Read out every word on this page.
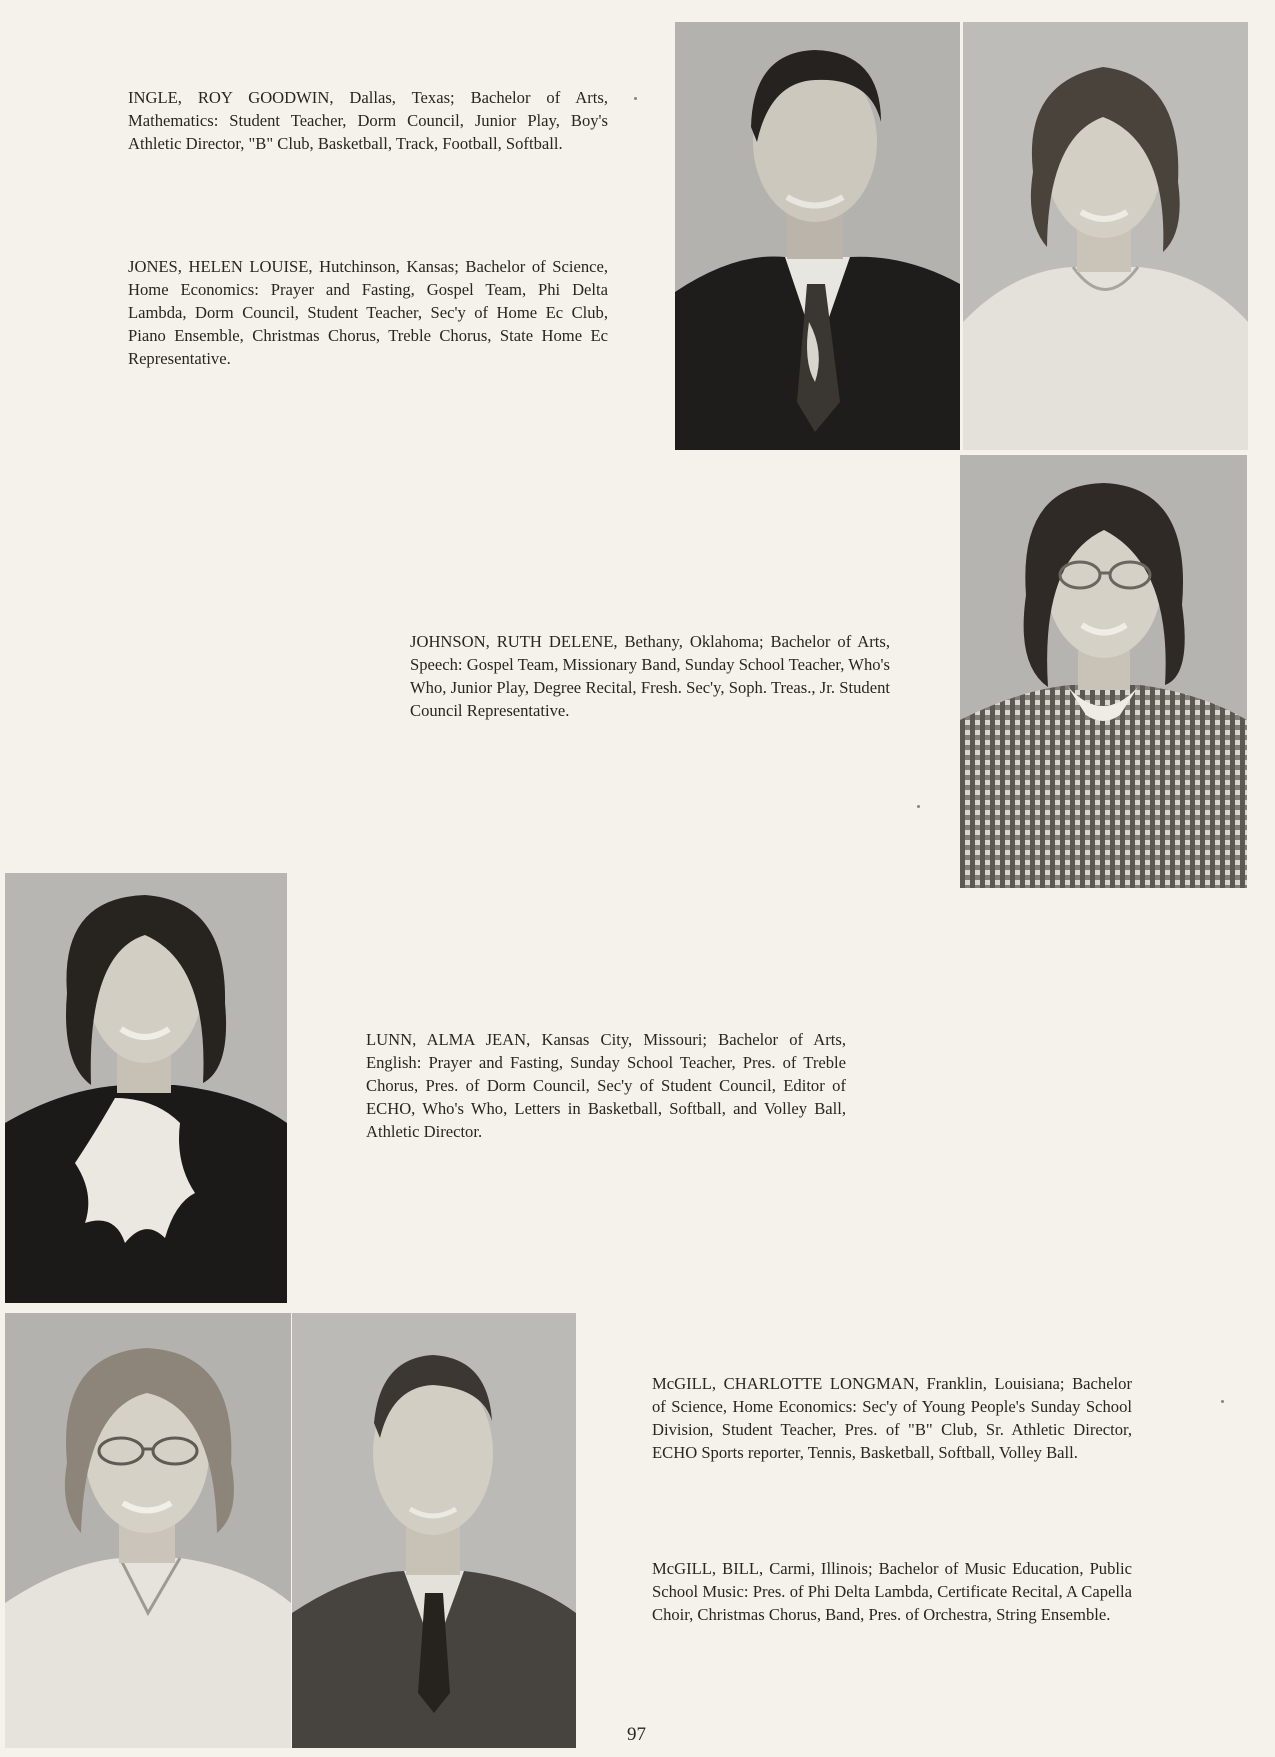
INGLE, ROY GOODWIN, Dallas, Texas; Bachelor of Arts, Mathematics: Student Teacher, Dorm Council, Junior Play, Boy's Athletic Director, "B" Club, Basketball, Track, Football, Softball.

JONES, HELEN LOUISE, Hutchinson, Kansas; Bachelor of Science, Home Economics: Prayer and Fasting, Gospel Team, Phi Delta Lambda, Dorm Council, Student Teacher, Sec'y of Home Ec Club, Piano Ensemble, Christmas Chorus, Treble Chorus, State Home Ec Representative.

JOHNSON, RUTH DELENE, Bethany, Oklahoma; Bachelor of Arts, Speech: Gospel Team, Missionary Band, Sunday School Teacher, Who's Who, Junior Play, Degree Recital, Fresh. Sec'y, Soph. Treas., Jr. Student Council Representative.

LUNN, ALMA JEAN, Kansas City, Missouri; Bachelor of Arts, English: Prayer and Fasting, Sunday School Teacher, Pres. of Treble Chorus, Pres. of Dorm Council, Sec'y of Student Council, Editor of ECHO, Who's Who, Letters in Basketball, Softball, and Volley Ball, Athletic Director.

McGILL, CHARLOTTE LONGMAN, Franklin, Louisiana; Bachelor of Science, Home Economics: Sec'y of Young People's Sunday School Division, Student Teacher, Pres. of "B" Club, Sr. Athletic Director, ECHO Sports reporter, Tennis, Basketball, Softball, Volley Ball.

McGILL, BILL, Carmi, Illinois; Bachelor of Music Education, Public School Music: Pres. of Phi Delta Lambda, Certificate Recital, A Capella Choir, Christmas Chorus, Band, Pres. of Orchestra, String Ensemble.

97
